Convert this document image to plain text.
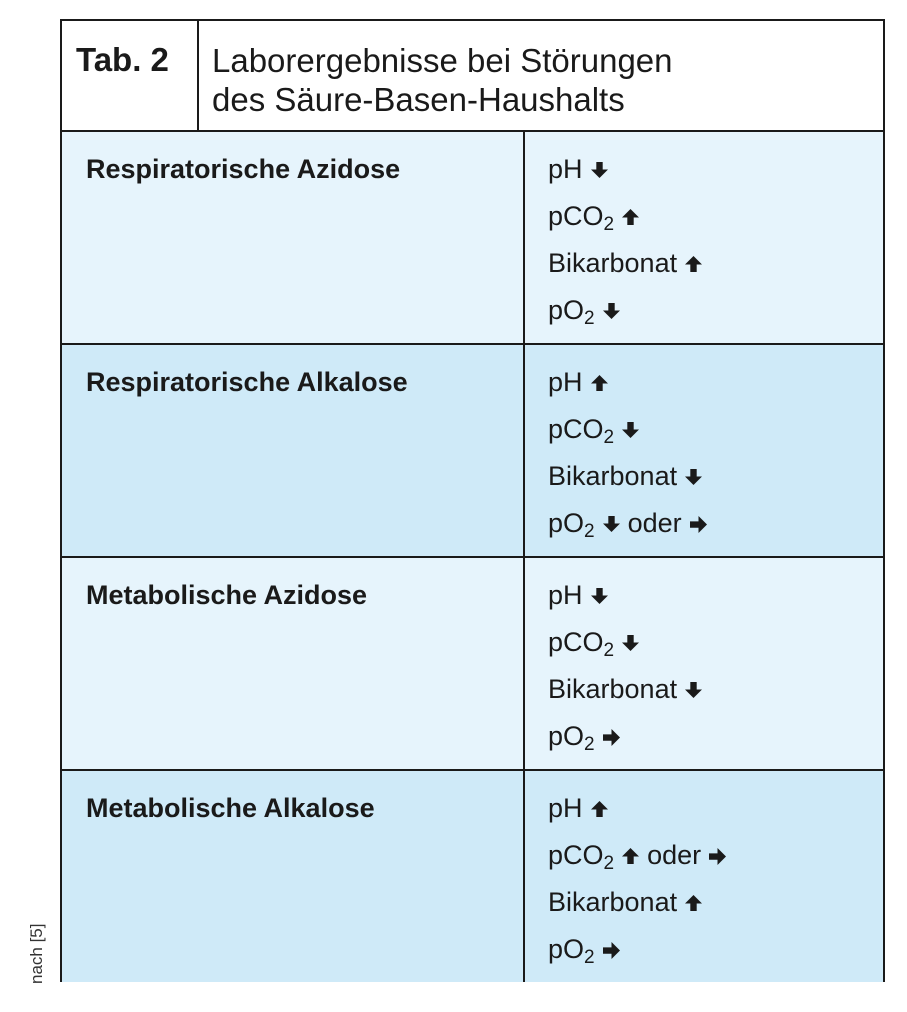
Tab. 2	Laborergebnisse bei Störungen
des Säure-Basen-Haushalts
Respiratorische Azidose	pH
pCO$_2$
Bikarbonat
$pO_2$
Respiratorische Alkalose	pH
pCO$_2$
Bikarbonat
$pO_2$ oder
Metabolische Azidose	pH
pCO$_2$
Bikarbonat
$pO_2$
Metabolische Alkalose	pH
pCO$_2$ oder
Bikarbonat
$pO_2$
nach [5]
